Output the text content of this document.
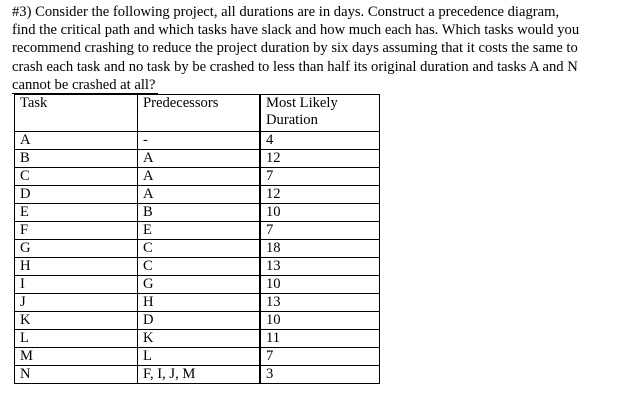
#3) Consider the following project, all durations are in days. Construct a precedence diagram,
find the critical path and which tasks have slack and how much each has. Which tasks would you
recommend crashing to reduce the project duration by six days assuming that it costs the same to
crash each task and no task by be crashed to less than half its original duration and tasks A and N
cannot be crashed at all?

Task	Predecessors	Most Likely
Duration
A	-	4
B	A	12
C	A	7
D	A	12
E	B	10
F	E	7
G	C	18
H	C	13
I	G	10
J	H	13
K	D	10
L	K	11
M	L	7
N	F, I, J, M	3
